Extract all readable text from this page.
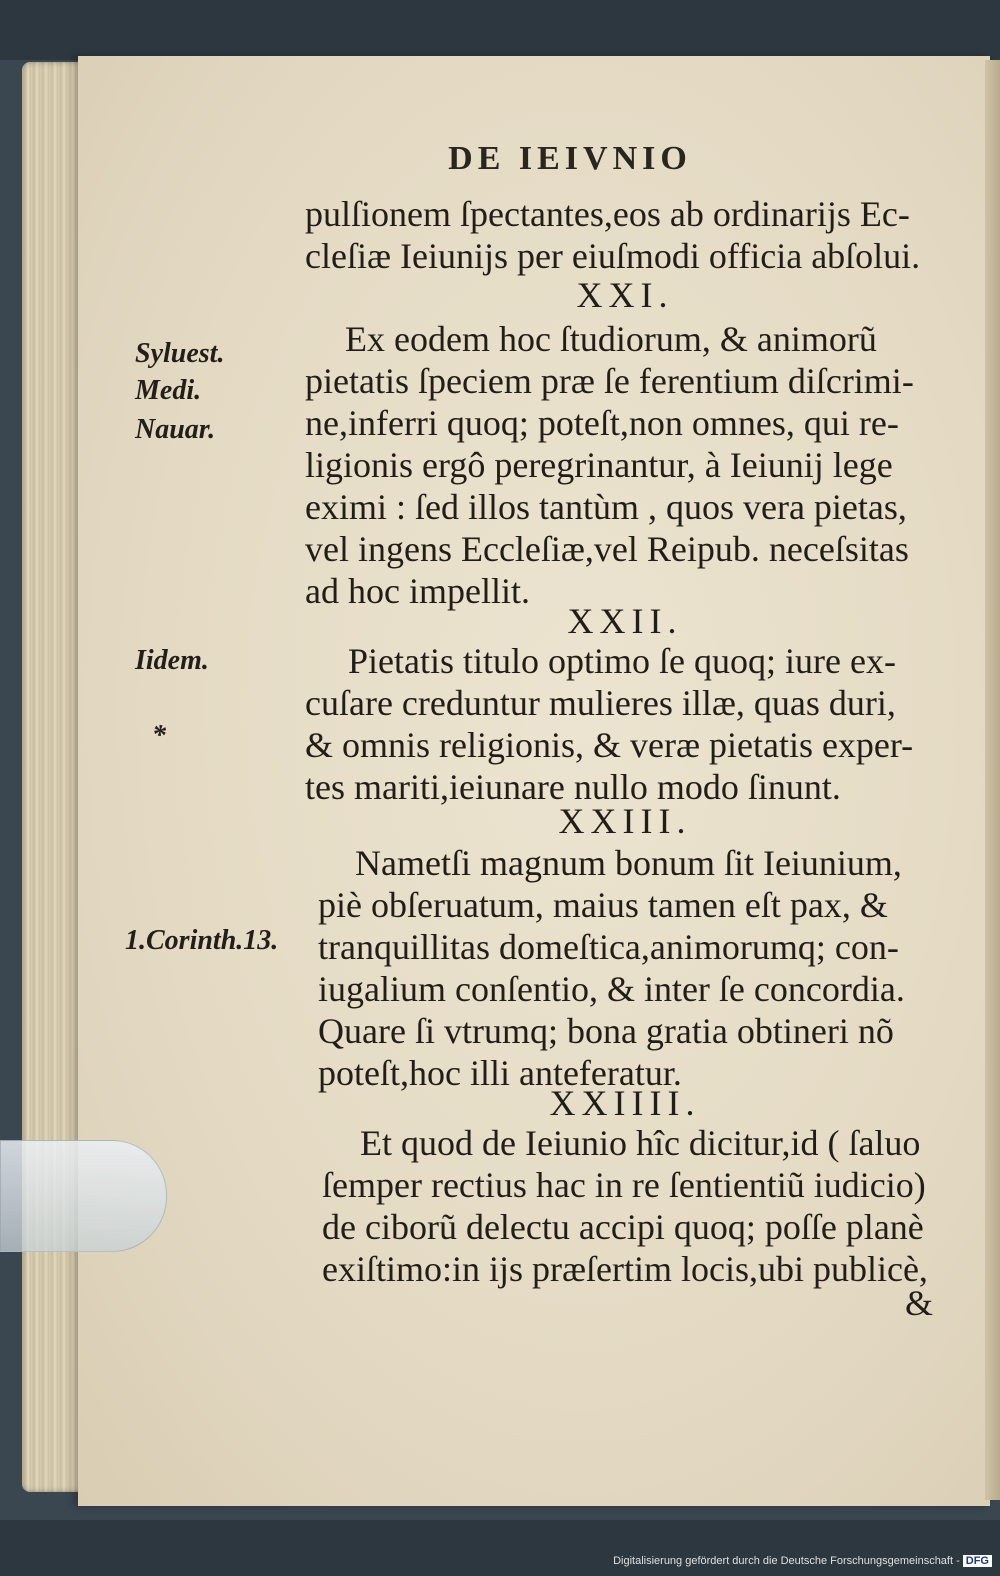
DE IEIVNIO
pulſionem ſpectantes,eos ab ordinarijs Ec-
cleſiæ Ieiunijs per eiuſmodi officia abſolui.
XXI.
Ex eodem hoc ſtudiorum, & animorũ
pietatis ſpeciem præ ſe ferentium diſcrimi-
ne,inferri quoq; poteſt,non omnes, qui re-
ligionis ergô peregrinantur, à Ieiunij lege
eximi : ſed illos tantùm , quos vera pietas,
vel ingens Eccleſiæ,vel Reipub. neceſsitas
ad hoc impellit.
XXII.
Pietatis titulo optimo ſe quoq; iure ex-
cuſare creduntur mulieres illæ, quas duri,
& omnis religionis, & veræ pietatis exper-
tes mariti,ieiunare nullo modo ſinunt.
XXIII.
Nametſi magnum bonum ſit Ieiunium,
piè obſeruatum, maius tamen eſt pax, &
tranquillitas domeſtica,animorumq; con-
iugalium conſentio, & inter ſe concordia.
Quare ſi vtrumq; bona gratia obtineri nõ
poteſt,hoc illi anteferatur.
XXIIII.
Et quod de Ieiunio hîc dicitur,id ( ſaluo
ſemper rectius hac in re ſentientiũ iudicio)
de ciborũ delectu accipi quoq; poſſe planè
exiſtimo:in ijs præſertim locis,ubi publicè,
&
Syluest.
Medi.
Nauar.
Iidem.
*
1.Corinth.13.
Digitalisierung gefördert durch die Deutsche Forschungsgemeinschaft - DFG
